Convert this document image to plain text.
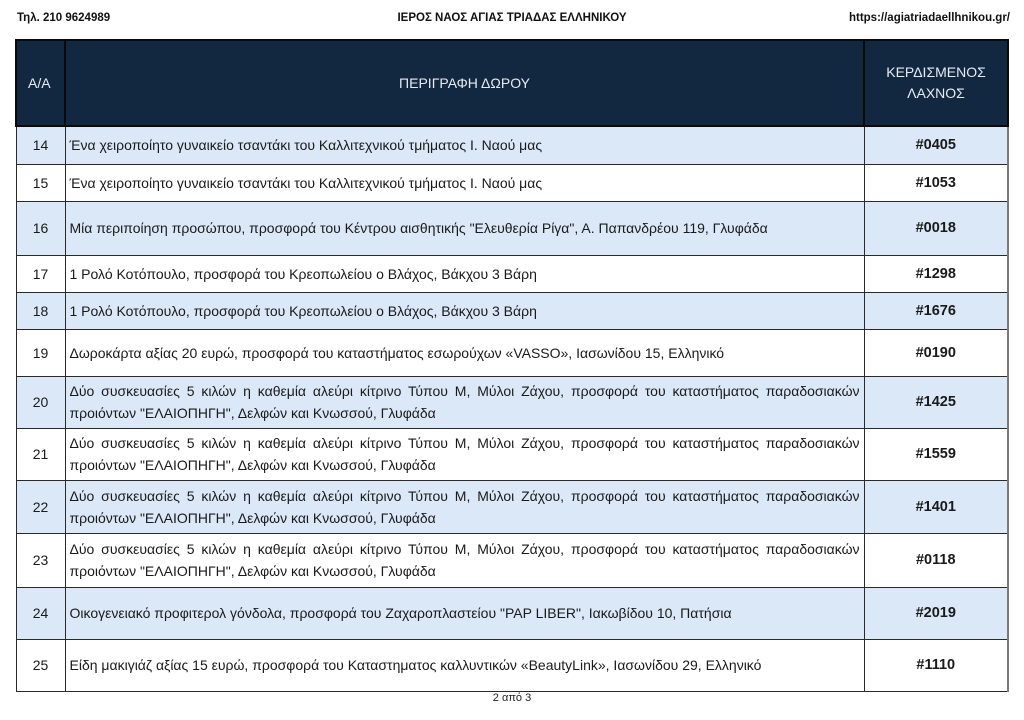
Τηλ. 210 9624989	ΙΕΡΟΣ ΝΑΟΣ ΑΓΙΑΣ ΤΡΙΑΔΑΣ ΕΛΛΗΝΙΚΟΥ	https://agiatriadaellhnikou.gr/
Α/Α	ΠΕΡΙΓΡΑΦΗ ΔΩΡΟΥ	ΚΕΡΔΙΣΜΕΝΟΣ
ΛΑΧΝΟΣ
14	Ένα χειροποίητο γυναικείο τσαντάκι του Καλλιτεχνικού τμήματος Ι. Ναού μας	#0405
15	Ένα χειροποίητο γυναικείο τσαντάκι του Καλλιτεχνικού τμήματος Ι. Ναού μας	#1053
16	Μία περιποίηση προσώπου, προσφορά του Κέντρου αισθητικής "Ελευθερία Ρίγα", Α. Παπανδρέου 119, Γλυφάδα	#0018
17	1 Ρολό Κοτόπουλο, προσφορά του Κρεοπωλείου ο Βλάχος, Βάκχου 3 Βάρη	#1298
18	1 Ρολό Κοτόπουλο, προσφορά του Κρεοπωλείου ο Βλάχος, Βάκχου 3 Βάρη	#1676
19	Δωροκάρτα αξίας 20 ευρώ, προσφορά του καταστήματος εσωρούχων «VASSO», Ιασωνίδου 15, Ελληνικό	#0190
20	Δύο συσκευασίες 5 κιλών η καθεμία αλεύρι κίτρινο Τύπου Μ, Μύλοι Ζάχου, προσφορά του καταστήματος παραδοσιακών προιόντων "ΕΛΑΙΟΠΗΓΗ", Δελφών και Κνωσσού, Γλυφάδα	#1425
21	Δύο συσκευασίες 5 κιλών η καθεμία αλεύρι κίτρινο Τύπου Μ, Μύλοι Ζάχου, προσφορά του καταστήματος παραδοσιακών προιόντων "ΕΛΑΙΟΠΗΓΗ", Δελφών και Κνωσσού, Γλυφάδα	#1559
22	Δύο συσκευασίες 5 κιλών η καθεμία αλεύρι κίτρινο Τύπου Μ, Μύλοι Ζάχου, προσφορά του καταστήματος παραδοσιακών προιόντων "ΕΛΑΙΟΠΗΓΗ", Δελφών και Κνωσσού, Γλυφάδα	#1401
23	Δύο συσκευασίες 5 κιλών η καθεμία αλεύρι κίτρινο Τύπου Μ, Μύλοι Ζάχου, προσφορά του καταστήματος παραδοσιακών προιόντων "ΕΛΑΙΟΠΗΓΗ", Δελφών και Κνωσσού, Γλυφάδα	#0118
24	Οικογενειακό προφιτερολ γόνδολα, προσφορά του Ζαχαροπλαστείου "PAP LIBER", Ιακωβίδου 10, Πατήσια	#2019
25	Είδη μακιγιάζ αξίας 15 ευρώ, προσφορά του Καταστηματος καλλυντικών «BeautyLink», Ιασωνίδου 29, Ελληνικό	#1110
2 από 3
